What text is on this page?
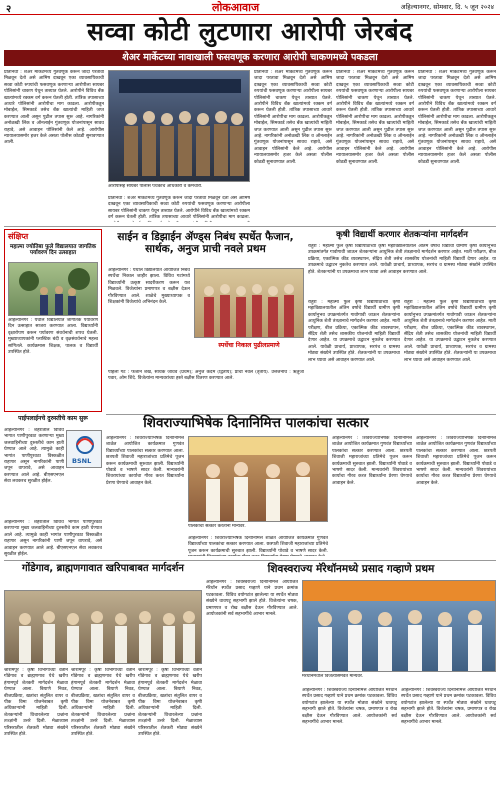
२	लोकआवाज	अहिल्यानगर, सोमवार, दि. ५ जून २०२४
सव्वा कोटी लुटणारा आरोपी जेरबंद
शेअर मार्केटच्या नावाखाली फसवणूक करणारा आरोपी चाकणमध्ये पकडला
प्रतिनिधी : शेअर मार्केटमध्ये गुंतवणूक करून जादा परतावा मिळवून देतो असे आमिष दाखवून एका व्यावसायिकाची सव्वा कोटी रुपयांची फसवणूक करणाऱ्या आरोपीला सायबर पोलिसांनी चाकण येथून ताब्यात घेतले. आरोपीने विविध बँक खात्यांमध्ये रक्कम वर्ग करून घेतली होती. तांत्रिक तपासाच्या आधारे पोलिसांनी आरोपीचा माग काढला. आरोपीकडून मोबाईल, सिमकार्ड तसेच बँक खात्यांची माहिती जप्त करण्यात आली असून पुढील तपास सुरू आहे. नागरिकांनी अनोळखी लिंक व ऑनलाईन गुंतवणूक योजनांपासून सावध राहावे, असे आवाहन पोलिसांनी केले आहे. आरोपीस न्यायालयासमोर हजर केले असता पोलीस कोठडी सुनावण्यात आली.
आरोपीसह सायबर पोलीस पथकाचे अधिकारी व कर्मचारी.
प्रतिनिधी : शेअर मार्केटमध्ये गुंतवणूक करून जादा परतावा मिळवून देतो असे आमिष दाखवून एका व्यावसायिकाची सव्वा कोटी रुपयांची फसवणूक करणाऱ्या आरोपीला सायबर पोलिसांनी चाकण येथून ताब्यात घेतले. आरोपीने विविध बँक खात्यांमध्ये रक्कम वर्ग करून घेतली होती. तांत्रिक तपासाच्या आधारे पोलिसांनी आरोपीचा माग काढला.
प्रतिनिधी : शेअर मार्केटमध्ये गुंतवणूक करून जादा परतावा मिळवून देतो असे आमिष दाखवून एका व्यावसायिकाची सव्वा कोटी रुपयांची फसवणूक करणाऱ्या आरोपीला सायबर पोलिसांनी चाकण येथून ताब्यात घेतले. आरोपीने विविध बँक खात्यांमध्ये रक्कम वर्ग करून घेतली होती. तांत्रिक तपासाच्या आधारे पोलिसांनी आरोपीचा माग काढला. आरोपीकडून मोबाईल, सिमकार्ड तसेच बँक खात्यांची माहिती जप्त करण्यात आली असून पुढील तपास सुरू आहे. नागरिकांनी अनोळखी लिंक व ऑनलाईन गुंतवणूक योजनांपासून सावध राहावे, असे आवाहन पोलिसांनी केले आहे. आरोपीस न्यायालयासमोर हजर केले असता पोलीस कोठडी सुनावण्यात आली.
प्रतिनिधी : शेअर मार्केटमध्ये गुंतवणूक करून जादा परतावा मिळवून देतो असे आमिष दाखवून एका व्यावसायिकाची सव्वा कोटी रुपयांची फसवणूक करणाऱ्या आरोपीला सायबर पोलिसांनी चाकण येथून ताब्यात घेतले. आरोपीने विविध बँक खात्यांमध्ये रक्कम वर्ग करून घेतली होती. तांत्रिक तपासाच्या आधारे पोलिसांनी आरोपीचा माग काढला. आरोपीकडून मोबाईल, सिमकार्ड तसेच बँक खात्यांची माहिती जप्त करण्यात आली असून पुढील तपास सुरू आहे. नागरिकांनी अनोळखी लिंक व ऑनलाईन गुंतवणूक योजनांपासून सावध राहावे, असे आवाहन पोलिसांनी केले आहे. आरोपीस न्यायालयासमोर हजर केले असता पोलीस कोठडी सुनावण्यात आली.
प्रतिनिधी : शेअर मार्केटमध्ये गुंतवणूक करून जादा परतावा मिळवून देतो असे आमिष दाखवून एका व्यावसायिकाची सव्वा कोटी रुपयांची फसवणूक करणाऱ्या आरोपीला सायबर पोलिसांनी चाकण येथून ताब्यात घेतले. आरोपीने विविध बँक खात्यांमध्ये रक्कम वर्ग करून घेतली होती. तांत्रिक तपासाच्या आधारे पोलिसांनी आरोपीचा माग काढला. आरोपीकडून मोबाईल, सिमकार्ड तसेच बँक खात्यांची माहिती जप्त करण्यात आली असून पुढील तपास सुरू आहे. नागरिकांनी अनोळखी लिंक व ऑनलाईन गुंतवणूक योजनांपासून सावध राहावे, असे आवाहन पोलिसांनी केले आहे. आरोपीस न्यायालयासमोर हजर केले असता पोलीस कोठडी सुनावण्यात आली.
संक्षिप्त
महात्मा ज्योतिबा फुले विद्यालयात जागतिक पर्यावरण दिन उत्साहात
अहिल्यानगर : येथील विद्यालयात जागतिक पर्यावरण दिन उत्साहात साजरा करण्यात आला. विद्यार्थ्यांनी वृक्षारोपण करून पर्यावरण संवर्धनाची शपथ घेतली. मुख्याध्यापकांनी प्लास्टिक बंदी व वृक्षसंवर्धनाचे महत्त्व सांगितले. कार्यक्रमास शिक्षक, पालक व विद्यार्थी उपस्थित होते.
पाईपलाईनचे दुरुस्तीचे काम सुरू
अहिल्यानगर : शहरातील विविध भागात पाणीपुरवठा करणाऱ्या मुख्य जलवाहिनीच्या दुरुस्तीचे काम हाती घेण्यात आले आहे. त्यामुळे काही भागांत पाणीपुरवठा विस्कळीत राहणार असून नागरिकांनी पाणी जपून वापरावे, असे आवाहन करण्यात आले आहे. बीएसएनएल सेवा लवकरच सुरळीत होईल.
BSNL
अहिल्यानगर : शहरातील विविध भागात पाणीपुरवठा करणाऱ्या मुख्य जलवाहिनीच्या दुरुस्तीचे काम हाती घेण्यात आले आहे. त्यामुळे काही भागांत पाणीपुरवठा विस्कळीत राहणार असून नागरिकांनी पाणी जपून वापरावे, असे आवाहन करण्यात आले आहे. बीएसएनएल सेवा लवकरच सुरळीत होईल.
साईन व डिझाईन ॲण्ड्स निबंध स्पर्धेत फैजान, सार्थक, अनुज प्राची नवले प्रथम
अहिल्यानगर : येथील विद्यालयात आयोजित निबंध स्पर्धेचा निकाल जाहीर झाला. विविध गटांमध्ये विद्यार्थ्यांनी उत्कृष्ट सादरीकरण करून यश मिळवले. विजेत्यांना प्रमाणपत्र व बक्षीस देऊन गौरविण्यात आले. शाळेचे मुख्याध्यापक व शिक्षकांनी विजेत्यांचे अभिनंदन केले.
स्पर्धेचा निकाल पुढीलप्रमाणे
पहिली गट : फैजान शेख, सार्थक जाधव (प्रथम); अनुज कदम (द्वितीय); प्राची नवले (तृतीय). उत्तेजनार्थ : ऋतुजा पवार, ओम शिंदे. विजेत्यांना मान्यवरांच्या हस्ते बक्षीस वितरण करण्यात आले.
कृषी विद्यार्थी करणार शेतकऱ्यांना मार्गदर्शन
राहुरी : महात्मा फुले कृषी विद्यापीठाच्या कृषी महाविद्यालयातील अंतिम वर्षाचे विद्यार्थी ग्रामीण कृषी कार्यानुभव उपक्रमांतर्गत गावोगावी जाऊन शेतकऱ्यांना आधुनिक शेती तंत्रज्ञानाचे मार्गदर्शन करणार आहेत. माती परीक्षण, बीज प्रक्रिया, एकात्मिक कीड व्यवस्थापन, सेंद्रिय शेती तसेच शासकीय योजनांची माहिती विद्यार्थी देणार आहेत. या उपक्रमाचे उद्घाटन नुकतेच करण्यात आले. यावेळी प्राचार्य, प्राध्यापक, सरपंच व ग्रामस्थ मोठ्या संख्येने उपस्थित होते. शेतकऱ्यांनी या उपक्रमाचा लाभ घ्यावा असे आवाहन करण्यात आले.
राहुरी : महात्मा फुले कृषी विद्यापीठाच्या कृषी महाविद्यालयातील अंतिम वर्षाचे विद्यार्थी ग्रामीण कृषी कार्यानुभव उपक्रमांतर्गत गावोगावी जाऊन शेतकऱ्यांना आधुनिक शेती तंत्रज्ञानाचे मार्गदर्शन करणार आहेत. माती परीक्षण, बीज प्रक्रिया, एकात्मिक कीड व्यवस्थापन, सेंद्रिय शेती तसेच शासकीय योजनांची माहिती विद्यार्थी देणार आहेत. या उपक्रमाचे उद्घाटन नुकतेच करण्यात आले. यावेळी प्राचार्य, प्राध्यापक, सरपंच व ग्रामस्थ मोठ्या संख्येने उपस्थित होते. शेतकऱ्यांनी या उपक्रमाचा लाभ घ्यावा असे आवाहन करण्यात आले.
राहुरी : महात्मा फुले कृषी विद्यापीठाच्या कृषी महाविद्यालयातील अंतिम वर्षाचे विद्यार्थी ग्रामीण कृषी कार्यानुभव उपक्रमांतर्गत गावोगावी जाऊन शेतकऱ्यांना आधुनिक शेती तंत्रज्ञानाचे मार्गदर्शन करणार आहेत. माती परीक्षण, बीज प्रक्रिया, एकात्मिक कीड व्यवस्थापन, सेंद्रिय शेती तसेच शासकीय योजनांची माहिती विद्यार्थी देणार आहेत. या उपक्रमाचे उद्घाटन नुकतेच करण्यात आले. यावेळी प्राचार्य, प्राध्यापक, सरपंच व ग्रामस्थ मोठ्या संख्येने उपस्थित होते. शेतकऱ्यांनी या उपक्रमाचा लाभ घ्यावा असे आवाहन करण्यात आले.
शिवराज्याभिषेक दिनानिमित्त पालकांचा सत्कार
अहिल्यानगर : शिवराज्याभिषेक दिनानिमित्त शाळेत आयोजित कार्यक्रमात गुणवंत विद्यार्थ्यांच्या पालकांचा सत्कार करण्यात आला. छत्रपती शिवाजी महाराजांच्या प्रतिमेचे पूजन करून कार्यक्रमाची सुरुवात झाली. विद्यार्थ्यांनी पोवाडे व भाषणे सादर केली. मान्यवरांनी शिवरायांच्या कार्याचा गौरव करत विद्यार्थ्यांना प्रेरणा घेण्याचे आवाहन केले.
पालकांचा सत्कार करताना मान्यवर.
अहिल्यानगर : शिवराज्याभिषेक दिनानिमित्त शाळेत आयोजित कार्यक्रमात गुणवंत विद्यार्थ्यांच्या पालकांचा सत्कार करण्यात आला. छत्रपती शिवाजी महाराजांच्या प्रतिमेचे पूजन करून कार्यक्रमाची सुरुवात झाली. विद्यार्थ्यांनी पोवाडे व भाषणे सादर केली.
अहिल्यानगर : शिवराज्याभिषेक दिनानिमित्त शाळेत आयोजित कार्यक्रमात गुणवंत विद्यार्थ्यांच्या पालकांचा सत्कार करण्यात आला. छत्रपती शिवाजी महाराजांच्या प्रतिमेचे पूजन करून कार्यक्रमाची सुरुवात झाली. विद्यार्थ्यांनी पोवाडे व भाषणे सादर केली. मान्यवरांनी शिवरायांच्या कार्याचा गौरव करत विद्यार्थ्यांना प्रेरणा घेण्याचे आवाहन केले.
अहिल्यानगर : शिवराज्याभिषेक दिनानिमित्त शाळेत आयोजित कार्यक्रमात गुणवंत विद्यार्थ्यांच्या पालकांचा सत्कार करण्यात आला. छत्रपती शिवाजी महाराजांच्या प्रतिमेचे पूजन करून कार्यक्रमाची सुरुवात झाली. विद्यार्थ्यांनी पोवाडे व भाषणे सादर केली. मान्यवरांनी शिवरायांच्या कार्याचा गौरव करत विद्यार्थ्यांना प्रेरणा घेण्याचे आवाहन केले.
गोंडेगाव, ब्राह्मणगावात खरिपाबाबत मार्गदर्शन
श्रीरामपूर : कृषी विभागाच्या वतीने गोंडेगाव व ब्राह्मणगाव येथे खरीप हंगामपूर्व शेतकरी मार्गदर्शन मेळावा घेण्यात आला. बियाणे निवड, बीजप्रक्रिया, खतांचा संतुलित वापर व पीक विमा योजनेबाबत कृषी अधिकाऱ्यांनी माहिती दिली. शेतकऱ्यांनी विचारलेल्या प्रश्नांना तज्ज्ञांनी उत्तरे दिली. मेळाव्यास परिसरातील शेतकरी मोठ्या संख्येने उपस्थित होते.
श्रीरामपूर : कृषी विभागाच्या वतीने गोंडेगाव व ब्राह्मणगाव येथे खरीप हंगामपूर्व शेतकरी मार्गदर्शन मेळावा घेण्यात आला. बियाणे निवड, बीजप्रक्रिया, खतांचा संतुलित वापर व पीक विमा योजनेबाबत कृषी अधिकाऱ्यांनी माहिती दिली. शेतकऱ्यांनी विचारलेल्या प्रश्नांना तज्ज्ञांनी उत्तरे दिली. मेळाव्यास परिसरातील शेतकरी मोठ्या संख्येने उपस्थित होते.
श्रीरामपूर : कृषी विभागाच्या वतीने गोंडेगाव व ब्राह्मणगाव येथे खरीप हंगामपूर्व शेतकरी मार्गदर्शन मेळावा घेण्यात आला. बियाणे निवड, बीजप्रक्रिया, खतांचा संतुलित वापर व पीक विमा योजनेबाबत कृषी अधिकाऱ्यांनी माहिती दिली. शेतकऱ्यांनी विचारलेल्या प्रश्नांना तज्ज्ञांनी उत्तरे दिली. मेळाव्यास परिसरातील शेतकरी मोठ्या संख्येने उपस्थित होते.
शिवस्वराज्य मॅरेथॉनमध्ये प्रसाद गव्हाणे प्रथम
अहिल्यानगर : शिवस्वराज्य दिनानिमित्त आयोजित मॅरेथॉन स्पर्धेत प्रसाद गव्हाणे याने प्रथम क्रमांक पटकावला. विविध वयोगटांत झालेल्या या स्पर्धेत मोठ्या संख्येने धावपटू सहभागी झाले होते. विजेत्यांना चषक, प्रमाणपत्र व रोख बक्षीस देऊन गौरविण्यात आले. आयोजकांनी सर्व सहभागींचे आभार मानले.
मॅरेथॉनमधील विजेत्यांसमवेत मान्यवर.
अहिल्यानगर : शिवस्वराज्य दिनानिमित्त आयोजित मॅरेथॉन स्पर्धेत प्रसाद गव्हाणे याने प्रथम क्रमांक पटकावला. विविध वयोगटांत झालेल्या या स्पर्धेत मोठ्या संख्येने धावपटू सहभागी झाले होते. विजेत्यांना चषक, प्रमाणपत्र व रोख बक्षीस देऊन गौरविण्यात आले. आयोजकांनी सर्व सहभागींचे आभार मानले.
अहिल्यानगर : शिवस्वराज्य दिनानिमित्त आयोजित मॅरेथॉन स्पर्धेत प्रसाद गव्हाणे याने प्रथम क्रमांक पटकावला. विविध वयोगटांत झालेल्या या स्पर्धेत मोठ्या संख्येने धावपटू सहभागी झाले होते. विजेत्यांना चषक, प्रमाणपत्र व रोख बक्षीस देऊन गौरविण्यात आले. आयोजकांनी सर्व सहभागींचे आभार मानले.
